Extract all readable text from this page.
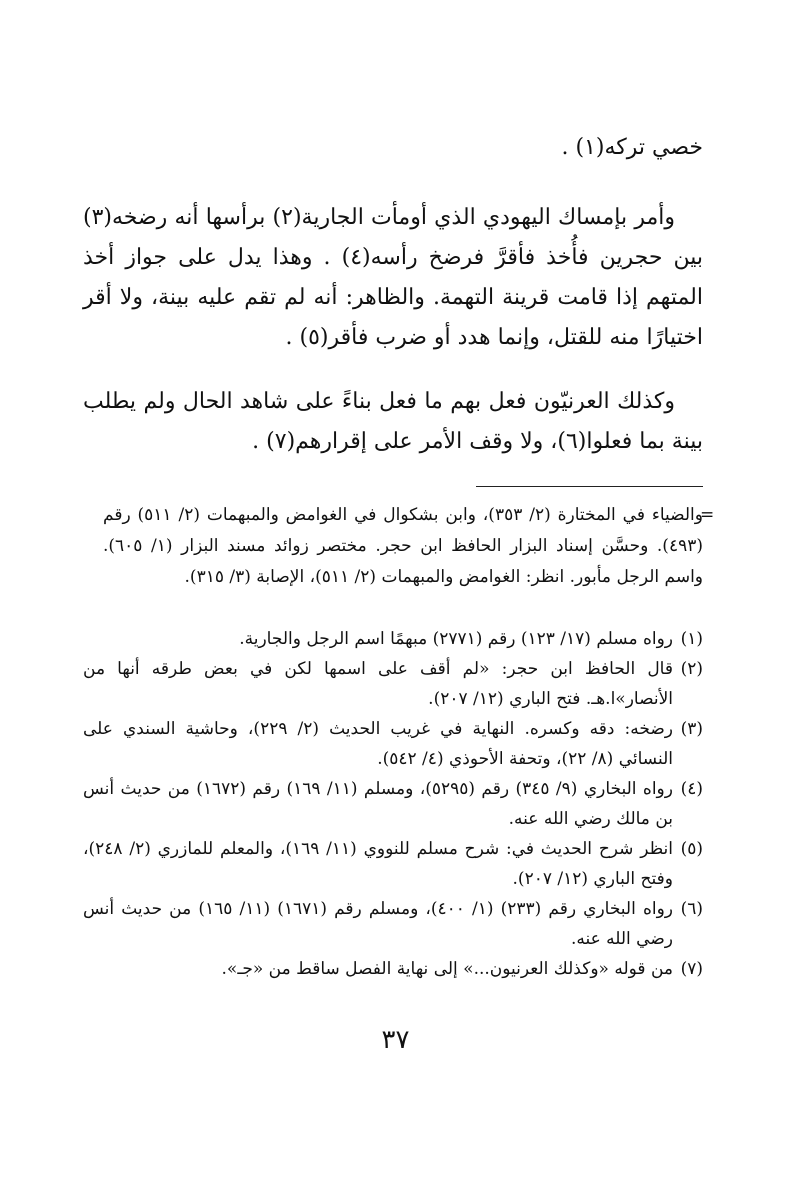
خصي تركه(١) .

وأمر بإمساك اليهودي الذي أومأت الجارية(٢) برأسها أنه رضخه(٣) بين حجرين فأُخذ فأقرَّ فرضخ رأسه(٤) . وهذا يدل على جواز أخذ المتهم إذا قامت قرينة التهمة. والظاهر: أنه لم تقم عليه بينة، ولا أقر اختيارًا منه للقتل، وإنما هدد أو ضرب فأقر(٥) .

وكذلك العرنيّون فعل بهم ما فعل بناءً على شاهد الحال ولم يطلب بينة بما فعلوا(٦)، ولا وقف الأمر على إقرارهم(٧) .

=

والضياء في المختارة (٢/ ٣٥٣)، وابن بشكوال في الغوامض والمبهمات (٢/ ٥١١) رقم (٤٩٣). وحسَّن إسناد البزار الحافظ ابن حجر. مختصر زوائد مسند البزار (١/ ٦٠٥). واسم الرجل مأبور. انظر: الغوامض والمبهمات (٢/ ٥١١)، الإصابة (٣/ ٣١٥).

(١)
رواه مسلم (١٧/ ١٢٣) رقم (٢٧٧١) مبهمًا اسم الرجل والجارية.
(٢)
قال الحافظ ابن حجر: «لم أقف على اسمها لكن في بعض طرقه أنها من الأنصار»ا.هـ. فتح الباري (١٢/ ٢٠٧).
(٣)
رضخه: دقه وكسره. النهاية في غريب الحديث (٢/ ٢٢٩)، وحاشية السندي على النسائي (٨/ ٢٢)، وتحفة الأحوذي (٤/ ٥٤٢).
(٤)
رواه البخاري (٩/ ٣٤٥) رقم (٥٢٩٥)، ومسلم (١١/ ١٦٩) رقم (١٦٧٢) من حديث أنس بن مالك رضي الله عنه.
(٥)
انظر شرح الحديث في: شرح مسلم للنووي (١١/ ١٦٩)، والمعلم للمازري (٢/ ٢٤٨)، وفتح الباري (١٢/ ٢٠٧).
(٦)
رواه البخاري رقم (٢٣٣) (١/ ٤٠٠)، ومسلم رقم (١٦٧١) (١١/ ١٦٥) من حديث أنس رضي الله عنه.
(٧)
من قوله «وكذلك العرنيون...» إلى نهاية الفصل ساقط من «جـ».
٣٧
